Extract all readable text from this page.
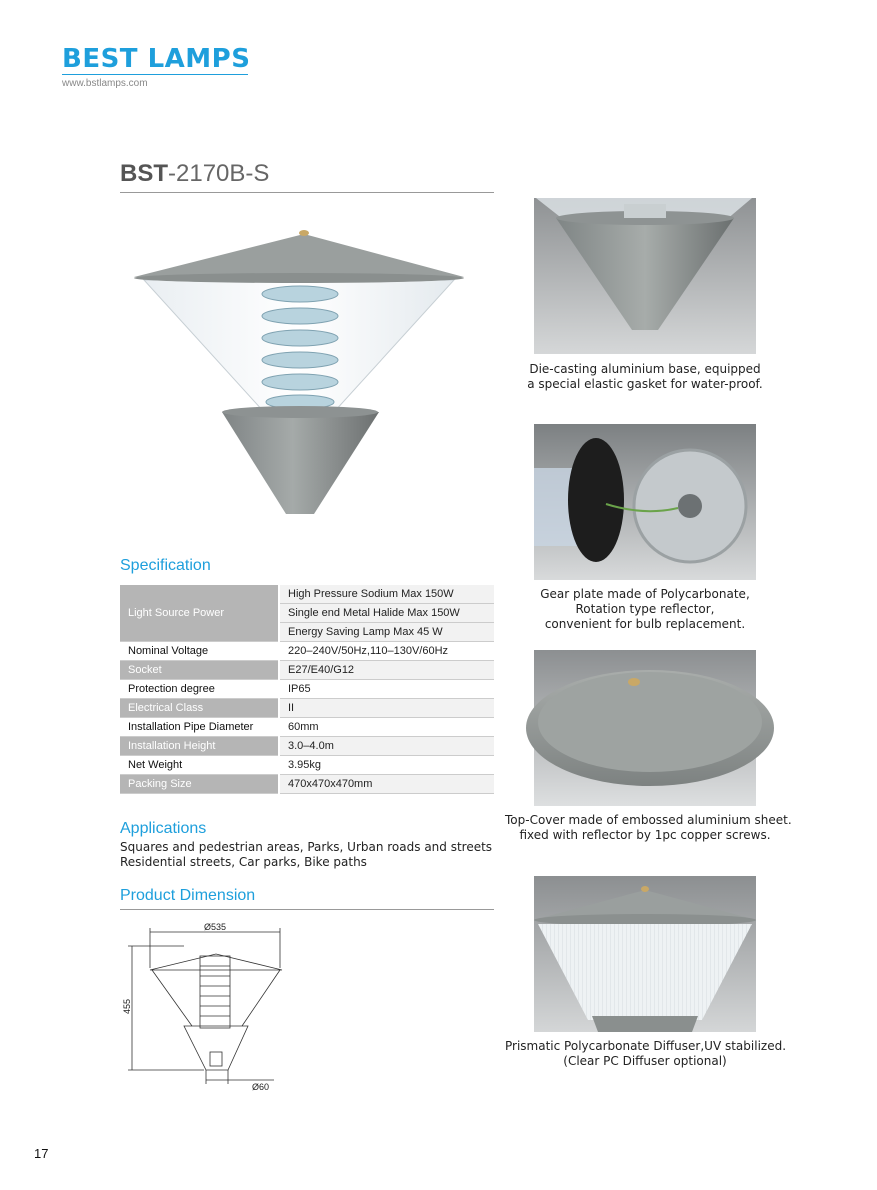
BEST LAMPS
www.bstlamps.com
BST-2170B-S
Specification
Light Source Power	High Pressure Sodium Max 150W
	Single end Metal Halide Max 150W
	Energy Saving Lamp Max 45 W
Nominal Voltage	220–240V/50Hz,110–130V/60Hz
Socket	E27/E40/G12
Protection degree	IP65
Electrical Class	II
Installation Pipe Diameter	60mm
Installation Height	3.0–4.0m
Net Weight	3.95kg
Packing Size	470x470x470mm
Applications
Squares and pedestrian areas, Parks, Urban roads and streets
Residential streets, Car parks, Bike paths
Product Dimension
Ø535
455
Ø60
Die-casting aluminium base, equipped
a special elastic gasket for water-proof.
Gear plate made of Polycarbonate,
Rotation type reflector,
convenient for bulb replacement.
Top-Cover made of embossed aluminium sheet.
fixed with reflector by 1pc copper screws.
Prismatic Polycarbonate Diffuser,UV stabilized.
(Clear PC Diffuser optional)
17
